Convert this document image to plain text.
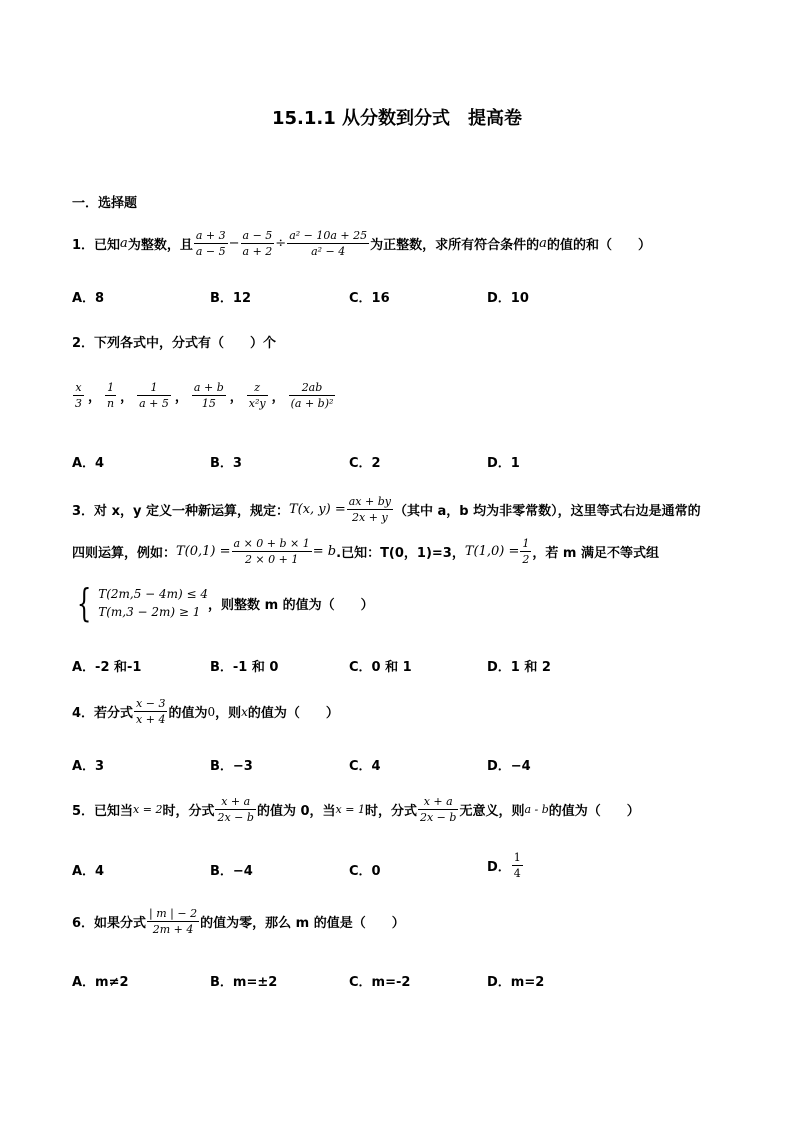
15.1.1 从分数到分式　提高卷
一．选择题
1．已知 a 为整数，且 $\frac{a + 3}{a - 5} - \frac{a - 5}{a + 2} \div \frac{\text{a² − 10a + 25}}{\text{a² − 4}}$ 为正整数，求所有符合条件的 a 的值的和（　　）
A．8	B．12	C．16	D．10
2．下列各式中，分式有（　　）个
$\frac{x}{3}$ ， $\frac{1}{n}$ ， $\frac{1}{a + 5}$ ， $\frac{a + b}{15}$ ， $\frac{z}{\text{x²y}}$ ， $\frac{2ab}{\text{(a + b)²}}$
A．4	B．3	C．2	D．1
3．对 x，y 定义一种新运算，规定： T(x, $y) = \frac{ax + by}{2x + y}$ （其中 a，b 均为非零常数），这里等式右边是通常的
四则运算，例如： $T(0,1) = \frac{a \times 0 + b \times 1}{2 \times 0 + 1} = b$ .已知：T(0，1)=3， $T(1,0) = \frac{1}{2}$ ，若 m 满足不等式组
{ T(2m,5 − 4m) ≤ 4
T(m,3 − 2m) ≥ 1 ，则整数 m 的值为（　　）
A．-2 和-1	B．-1 和 0	C．0 和 1	D．1 和 2
4．若分式 $\frac{x - 3}{x + 4}$ 的值为 0 ，则 x 的值为（　　）
A．3	B．−3	C．4	D．−4
5．已知当 x = 2 时，分式 $\frac{x + a}{2x - b}$ 的值为 0，当 x = 1 时，分式 $\frac{x + a}{2x - b}$ 无意义，则 a - b 的值为（　　）
A．4	B．−4	C．0	D． $\frac{1}{4}$
6．如果分式 $\frac{| m | - 2}{2m + 4}$ 的值为零，那么 m 的值是（　　）
A．m≠2	B．m=±2	C．m=-2	D．m=2
